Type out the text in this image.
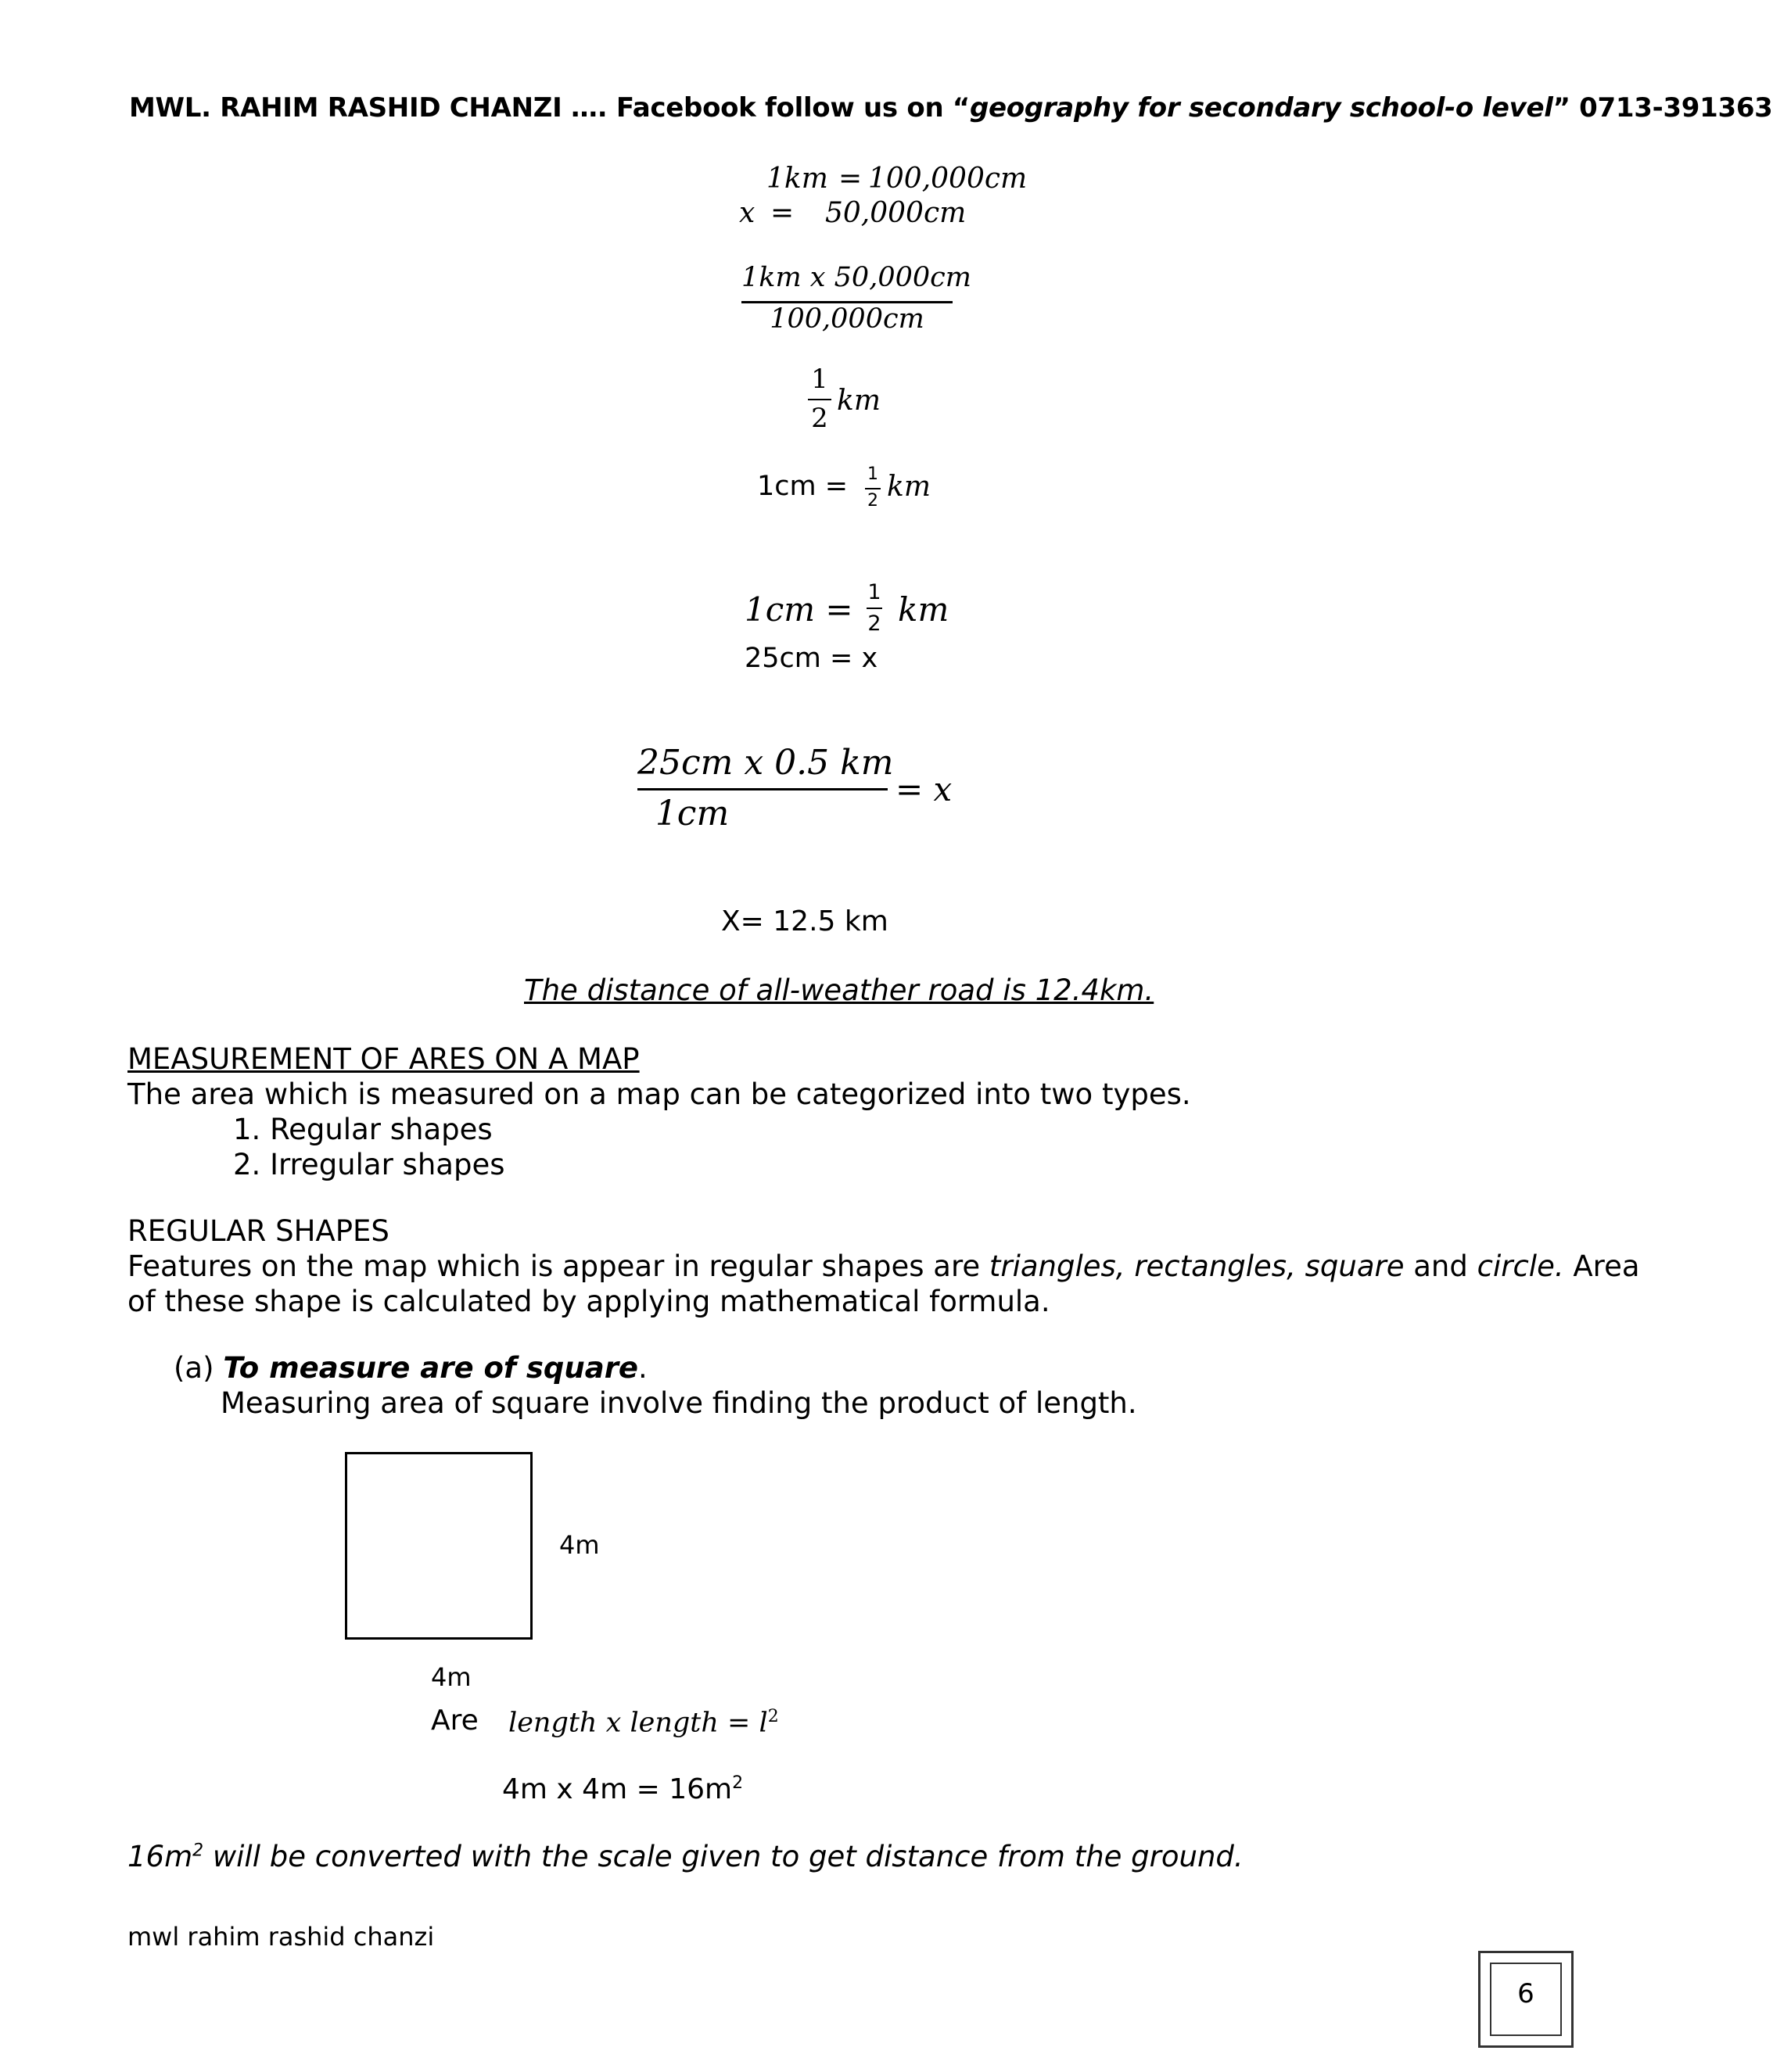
MWL. RAHIM RASHID CHANZI …. Facebook follow us on “geography for secondary school-o level” 0713-391363
1km = 100,000cm
x = 50,000cm
1km x 50,000cm
100,000cm
1
2
km
1cm = 1
2 km
1cm = 1
2 km
25cm = x
25cm x 0.5 km
1cm
= x
X= 12.5 km
The distance of all-weather road is 12.4km.
MEASUREMENT OF ARES ON A MAP
The area which is measured on a map can be categorized into two types.
1. Regular shapes
2. Irregular shapes
REGULAR SHAPES
Features on the map which is appear in regular shapes are triangles, rectangles, square and circle. Area
of these shape is calculated by applying mathematical formula.
(a) To measure are of square.
Measuring area of square involve finding the product of length.
4m
4m
Are length x length = $l^2$
4m x $4m = 16m^2$
$16m^2$ will be converted with the scale given to get distance from the ground.
mwl rahim rashid chanzi
6
